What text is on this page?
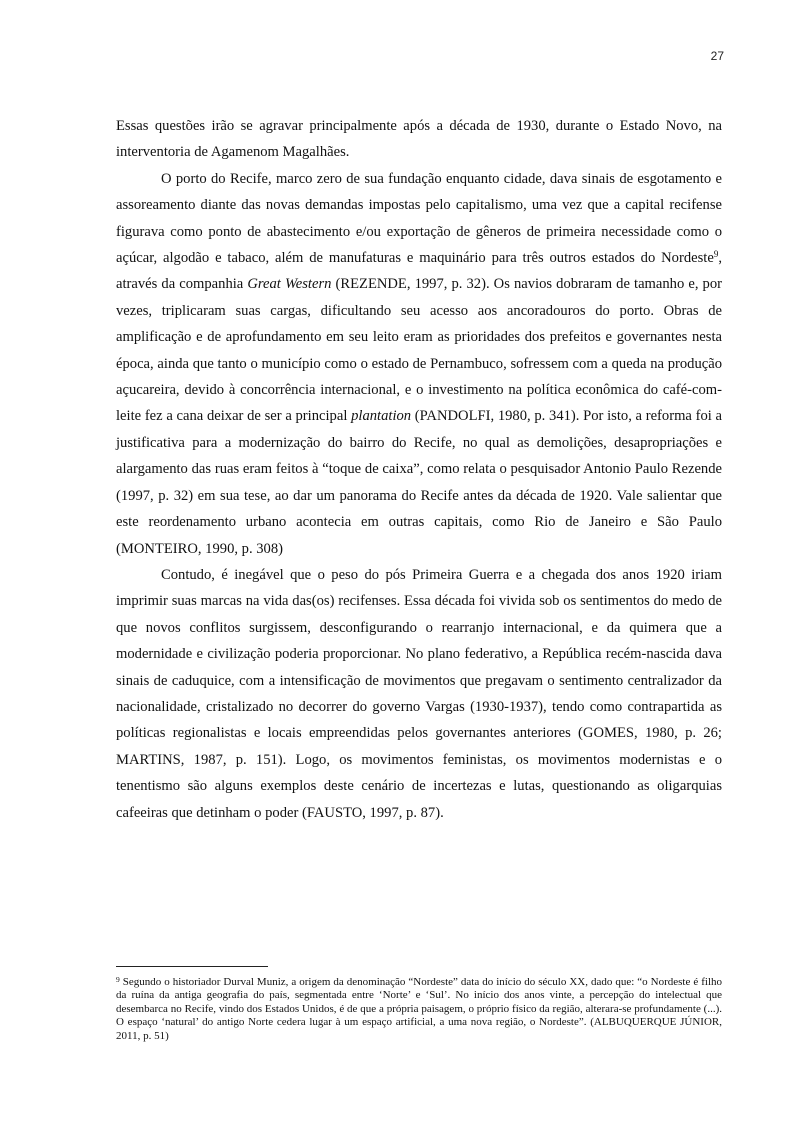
27

Essas questões irão se agravar principalmente após a década de 1930, durante o Estado Novo, na interventoria de Agamenom Magalhães.

O porto do Recife, marco zero de sua fundação enquanto cidade, dava sinais de esgotamento e assoreamento diante das novas demandas impostas pelo capitalismo, uma vez que a capital recifense figurava como ponto de abastecimento e/ou exportação de gêneros de primeira necessidade como o açúcar, algodão e tabaco, além de manufaturas e maquinário para três outros estados do Nordeste$^9$, através da companhia Great Western (REZENDE, 1997, p. 32). Os navios dobraram de tamanho e, por vezes, triplicaram suas cargas, dificultando seu acesso aos ancoradouros do porto. Obras de amplificação e de aprofundamento em seu leito eram as prioridades dos prefeitos e governantes nesta época, ainda que tanto o município como o estado de Pernambuco, sofressem com a queda na produção açucareira, devido à concorrência internacional, e o investimento na política econômica do café-com-leite fez a cana deixar de ser a principal plantation (PANDOLFI, 1980, p. 341). Por isto, a reforma foi a justificativa para a modernização do bairro do Recife, no qual as demolições, desapropriações e alargamento das ruas eram feitos à “toque de caixa”, como relata o pesquisador Antonio Paulo Rezende (1997, p. 32) em sua tese, ao dar um panorama do Recife antes da década de 1920. Vale salientar que este reordenamento urbano acontecia em outras capitais, como Rio de Janeiro e São Paulo (MONTEIRO, 1990, p. 308)

Contudo, é inegável que o peso do pós Primeira Guerra e a chegada dos anos 1920 iriam imprimir suas marcas na vida das(os) recifenses. Essa década foi vivida sob os sentimentos do medo de que novos conflitos surgissem, desconfigurando o rearranjo internacional, e da quimera que a modernidade e civilização poderia proporcionar. No plano federativo, a República recém-nascida dava sinais de caduquice, com a intensificação de movimentos que pregavam o sentimento centralizador da nacionalidade, cristalizado no decorrer do governo Vargas (1930-1937), tendo como contrapartida as políticas regionalistas e locais empreendidas pelos governantes anteriores (GOMES, 1980, p. 26; MARTINS, 1987, p. 151). Logo, os movimentos feministas, os movimentos modernistas e o tenentismo são alguns exemplos deste cenário de incertezas e lutas, questionando as oligarquias cafeeiras que detinham o poder (FAUSTO, 1997, p. 87).

$^9$ Segundo o historiador Durval Muniz, a origem da denominação “Nordeste” data do início do século XX, dado que: “o Nordeste é filho da ruína da antiga geografia do país, segmentada entre ‘Norte’ e ‘Sul’. No início dos anos vinte, a percepção do intelectual que desembarca no Recife, vindo dos Estados Unidos, é de que a própria paisagem, o próprio físico da região, alterara-se profundamente (...). O espaço ‘natural’ do antigo Norte cedera lugar à um espaço artificial, a uma nova região, o Nordeste”. (ALBUQUERQUE JÚNIOR, 2011, p. 51)
